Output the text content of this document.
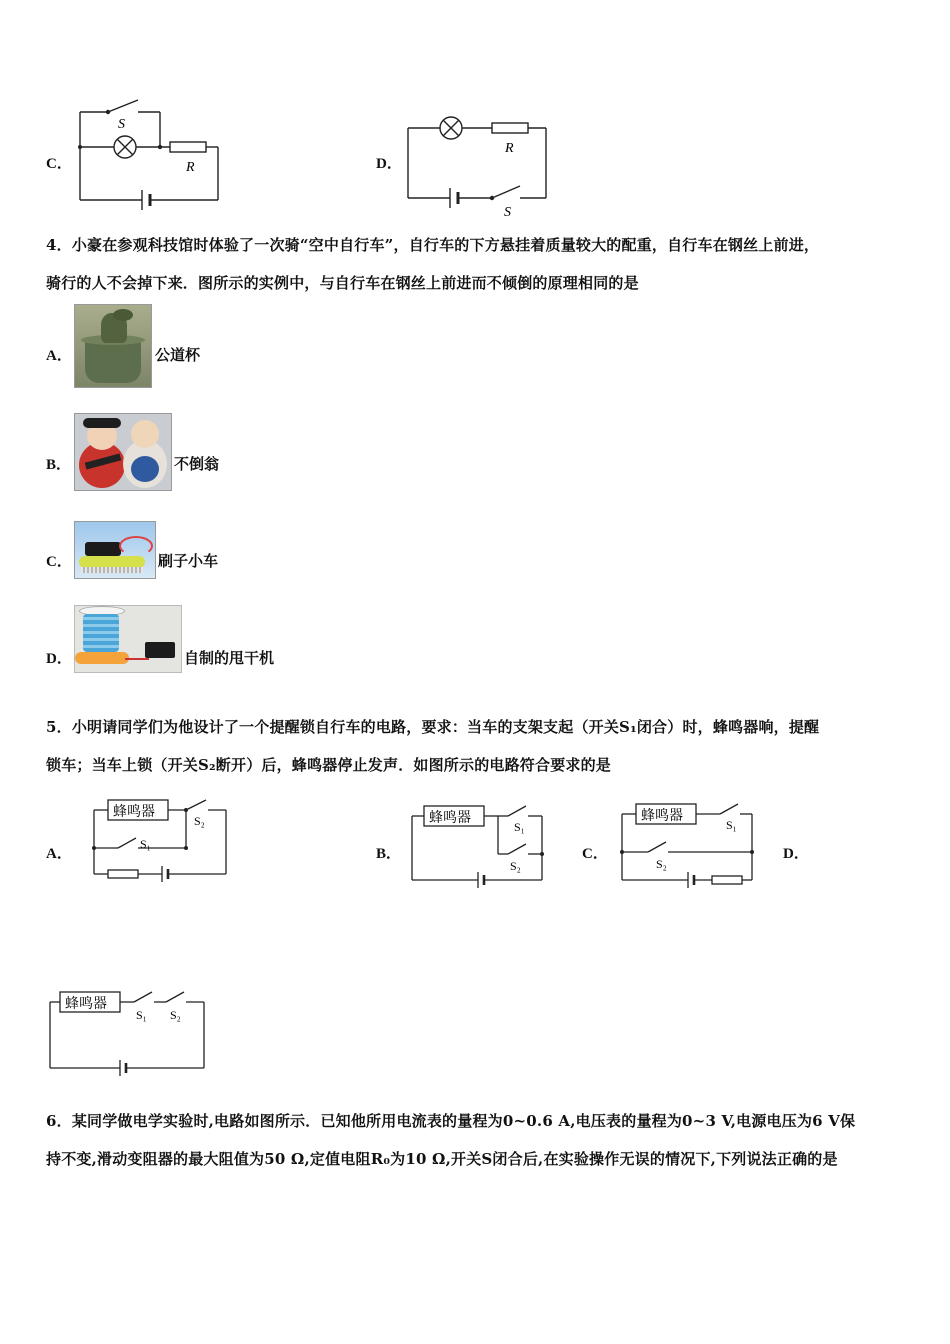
C．
S
R	D．
R
S
4．小豪在参观科技馆时体验了一次骑“空中自行车”，自行车的下方悬挂着质量较大的配重，自行车在钢丝上前进，
骑行的人不会掉下来．图所示的实例中，与自行车在钢丝上前进而不倾倒的原理相同的是
A．	公道杯
B．	不倒翁
C．	刷子小车
D．	自制的甩干机
5．小明请同学们为他设计了一个提醒锁自行车的电路，要求：当车的支架支起（开关S₁闭合）时，蜂鸣器响，提醒
锁车；当车上锁（开关S₂断开）后，蜂鸣器停止发声．如图所示的电路符合要求的是
A．
蜂鸣器
S₂
S₁
B．
蜂鸣器
S₁
S₂
C．
蜂鸣器
S₁
S₂
D．
蜂鸣器
S₁ S₂
6．某同学做电学实验时,电路如图所示．已知他所用电流表的量程为0~0.6 A,电压表的量程为0~3 V,电源电压为6 V保
持不变,滑动变阻器的最大阻值为50 Ω,定值电阻R₀为10 Ω,开关S闭合后,在实验操作无误的情况下,下列说法正确的是
